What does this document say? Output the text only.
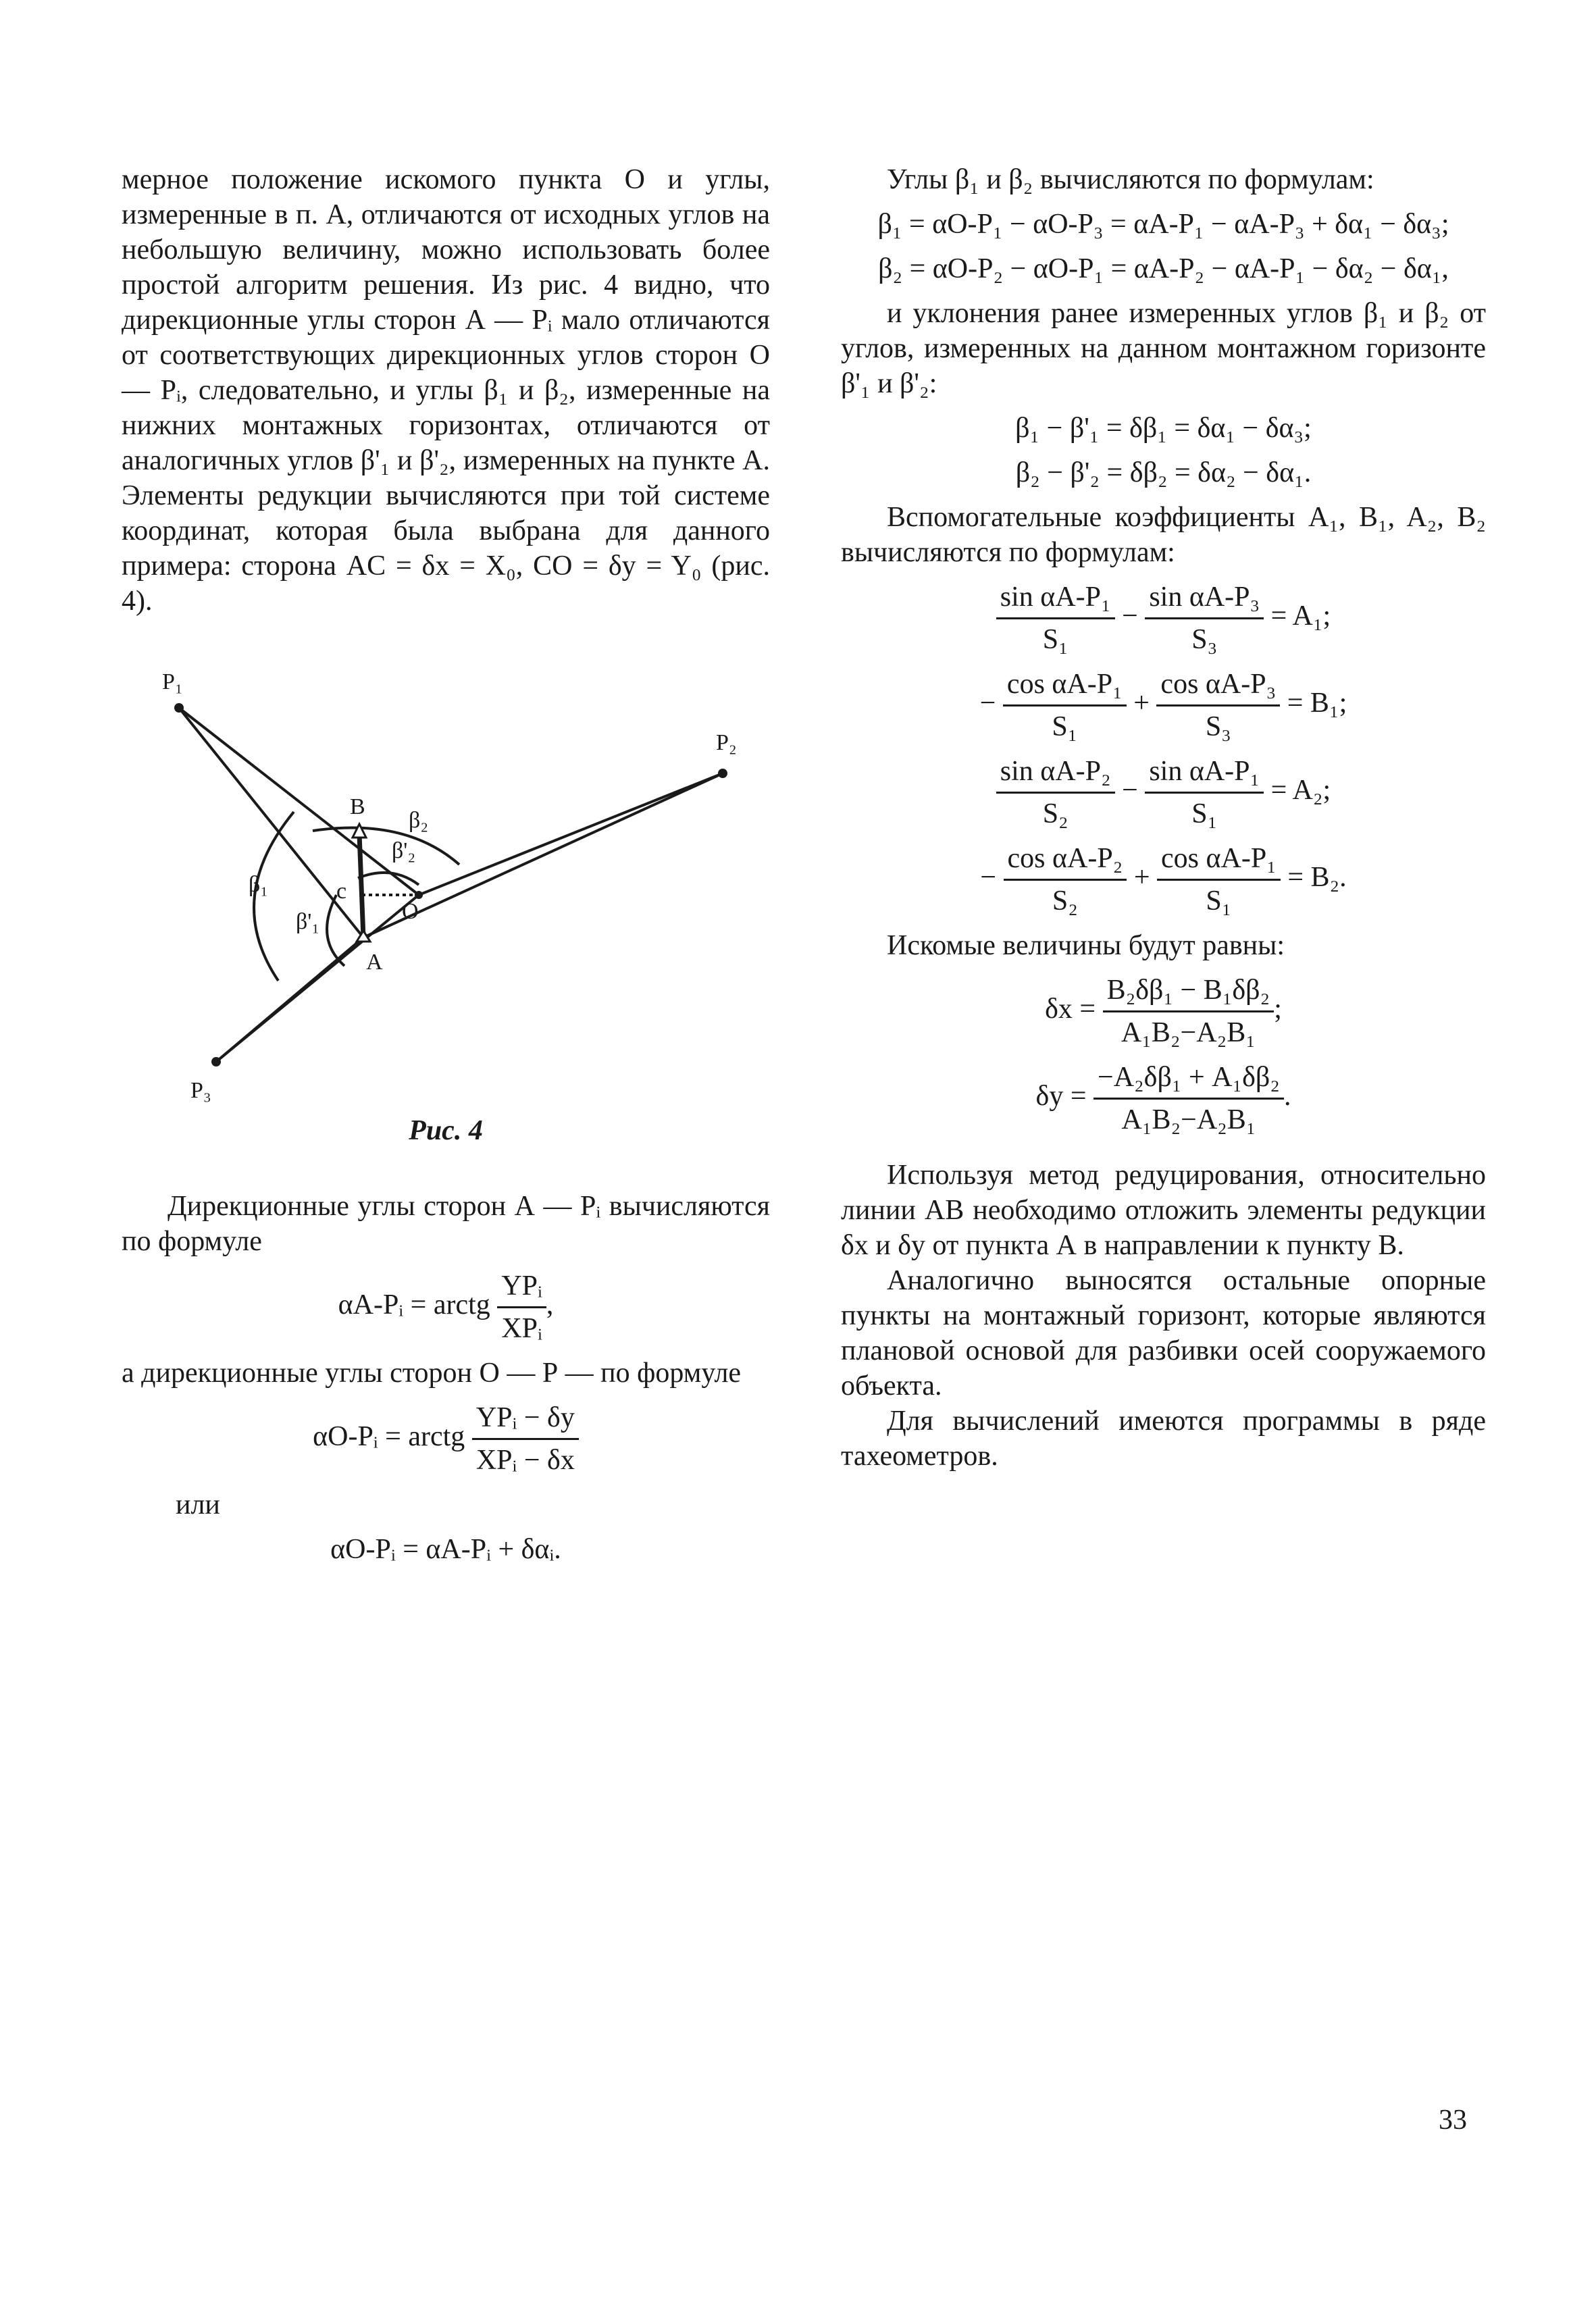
мерное положение искомого пункта О и углы, измеренные в п. А, отличаются от исходных углов на небольшую величину, можно использовать более простой алгоритм решения. Из рис. 4 видно, что дирекционные углы сторон А — Pᵢ мало отличаются от соответствующих дирекционных углов сторон О — Pᵢ, следовательно, и углы β₁ и β₂, измеренные на нижних монтажных горизонтах, отличаются от аналогичных углов β'₁ и β'₂, измеренных на пункте А. Элементы редукции вычисляются при той системе координат, которая была выбрана для данного примера: сторона AC = δx = X₀, CO = δy = Y₀ (рис. 4).

P₁
P₂
P₃
B
A
c
O
β₁
β'₁
β₂
β'₂
Рис. 4

Дирекционные углы сторон А — Pᵢ вычисляются по формуле

αA-Pᵢ = arctg $\frac{\text{YPᵢ}}{\text{XPᵢ}}$ ,

а дирекционные углы сторон О — Р — по формуле

αO-Pᵢ = arctg $\frac{\text{YPᵢ − δy}}{\text{XPᵢ − δx}}$

или

αO-Pᵢ = αA-Pᵢ + δαᵢ.

Углы β₁ и β₂ вычисляются по формулам:

β₁ = αO-P₁ − αO-P₃ = αA-P₁ − αA-P₃ + δα₁ − δα₃;
β₂ = αO-P₂ − αO-P₁ = αA-P₂ − αA-P₁ − δα₂ − δα₁,

и уклонения ранее измеренных углов β₁ и β₂ от углов, измеренных на данном монтажном горизонте β'₁ и β'₂:

β₁ − β'₁ = δβ₁ = δα₁ − δα₃;
β₂ − β'₂ = δβ₂ = δα₂ − δα₁.

Вспомогательные коэффициенты A₁, B₁, A₂, B₂ вычисляются по формулам:

$\frac{\text{sin αA-P₁}}{\text{S₁}} - \frac{\text{sin αA-P₃}}{\text{S₃}} = A_1$;
− $\frac{\text{cos αA-P₁}}{\text{S₁}} + \frac{\text{cos αA-P₃}}{\text{S₃}} = B_1$;
$\frac{\text{sin αA-P₂}}{\text{S₂}} - \frac{\text{sin αA-P₁}}{\text{S₁}} = A_2$;
− $\frac{\text{cos αA-P₂}}{\text{S₂}} + \frac{\text{cos αA-P₁}}{\text{S₁}} = B_2$.

Искомые величины будут равны:

$\delta x = \frac{\text{B₂δβ₁ − B₁δβ₂}}{\text{A₁B₂−A₂B₁}}$ ;
$\delta y = \frac{\text{−A₂δβ₁ + A₁δβ₂}}{\text{A₁B₂−A₂B₁}}$ .

Используя метод редуцирования, относительно линии АВ необходимо отложить элементы редукции δx и δy от пункта А в направлении к пункту В.

Аналогично выносятся остальные опорные пункты на монтажный горизонт, которые являются плановой основой для разбивки осей сооружаемого объекта.

Для вычислений имеются программы в ряде тахеометров.

33
